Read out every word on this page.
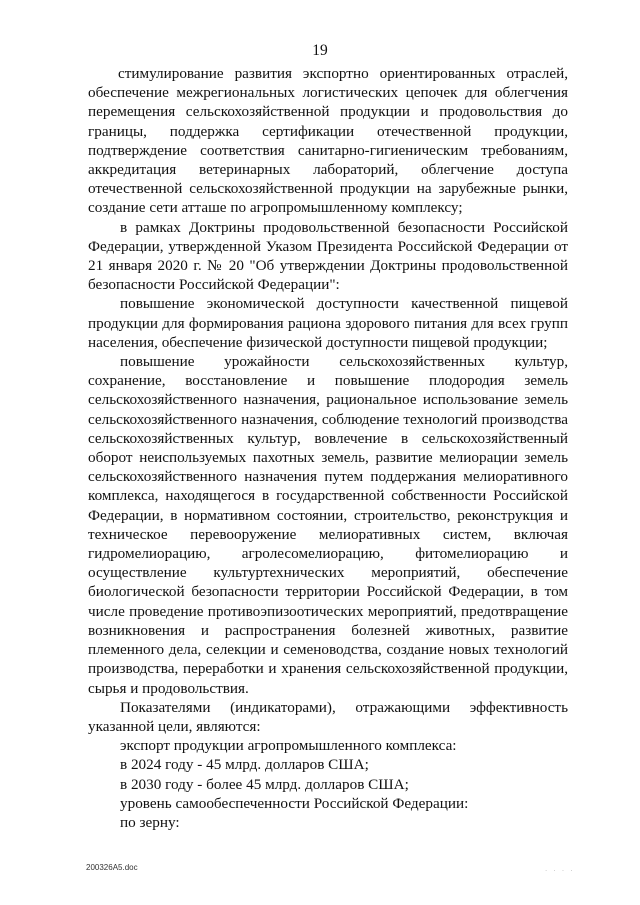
19

стимулирование развития экспортно ориентированных отраслей, обеспечение межрегиональных логистических цепочек для облегчения перемещения сельскохозяйственной продукции и продовольствия до границы, поддержка сертификации отечественной продукции, подтверждение соответствия санитарно-гигиеническим требованиям, аккредитация ветеринарных лабораторий, облегчение доступа отечественной сельскохозяйственной продукции на зарубежные рынки, создание сети атташе по агропромышленному комплексу;

в рамках Доктрины продовольственной безопасности Российской Федерации, утвержденной Указом Президента Российской Федерации от 21 января 2020 г. № 20 "Об утверждении Доктрины продовольственной безопасности Российской Федерации":

повышение экономической доступности качественной пищевой продукции для формирования рациона здорового питания для всех групп населения, обеспечение физической доступности пищевой продукции;

повышение урожайности сельскохозяйственных культур, сохранение, восстановление и повышение плодородия земель сельскохозяйственного назначения, рациональное использование земель сельскохозяйственного назначения, соблюдение технологий производства сельскохозяйственных культур, вовлечение в сельскохозяйственный оборот неиспользуемых пахотных земель, развитие мелиорации земель сельскохозяйственного назначения путем поддержания мелиоративного комплекса, находящегося в государственной собственности Российской Федерации, в нормативном состоянии, строительство, реконструкция и техническое перевооружение мелиоративных систем, включая гидромелиорацию, агролесомелиорацию, фитомелиорацию и осуществление культуртехнических мероприятий, обеспечение биологической безопасности территории Российской Федерации, в том числе проведение противоэпизоотических мероприятий, предотвращение возникновения и распространения болезней животных, развитие племенного дела, селекции и семеноводства, создание новых технологий производства, переработки и хранения сельскохозяйственной продукции, сырья и продовольствия.

Показателями (индикаторами), отражающими эффективность указанной цели, являются:

экспорт продукции агропромышленного комплекса:

в 2024 году - 45 млрд. долларов США;

в 2030 году - более 45 млрд. долларов США;

уровень самообеспеченности Российской Федерации:

по зерну:

200326А5.doc	· · · ·
